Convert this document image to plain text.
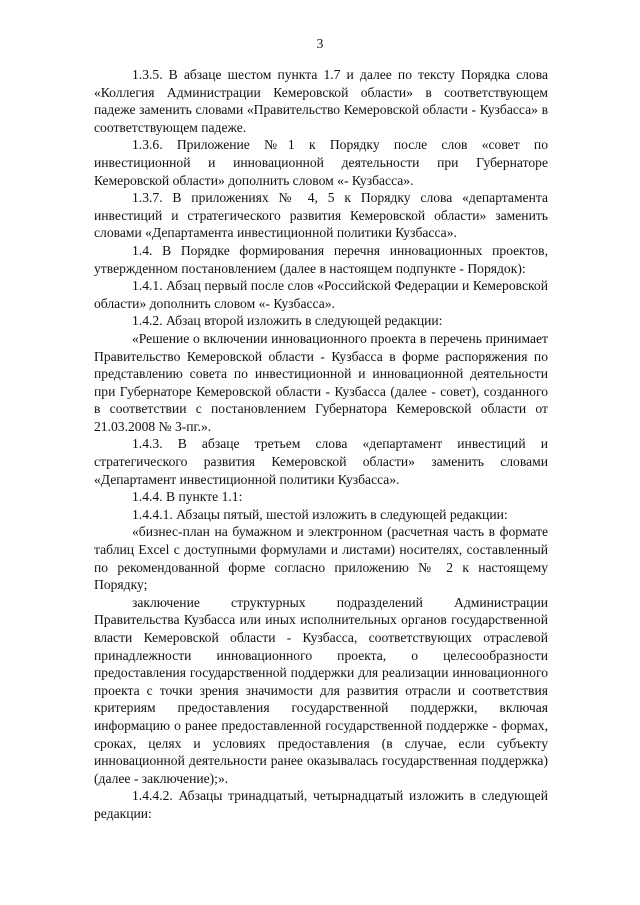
3

1.3.5. В абзаце шестом пункта 1.7 и далее по тексту Порядка слова «Коллегия Администрации Кемеровской области» в соответствующем падеже заменить словами «Правительство Кемеровской области - Кузбасса» в соответствующем падеже.

1.3.6. Приложение №1 к Порядку после слов «совет по инвестиционной и инновационной деятельности при Губернаторе Кемеровской области» дополнить словом «- Кузбасса».

1.3.7. В приложениях № 4, 5 к Порядку слова «департамента инвестиций и стратегического развития Кемеровской области» заменить словами «Департамента инвестиционной политики Кузбасса».

1.4. В Порядке формирования перечня инновационных проектов, утвержденном постановлением (далее в настоящем подпункте - Порядок):

1.4.1. Абзац первый после слов «Российской Федерации и Кемеровской области» дополнить словом «- Кузбасса».

1.4.2. Абзац второй изложить в следующей редакции:

«Решение о включении инновационного проекта в перечень принимает Правительство Кемеровской области - Кузбасса в форме распоряжения по представлению совета по инвестиционной и инновационной деятельности при Губернаторе Кемеровской области - Кузбасса (далее - совет), созданного в соответствии с постановлением Губернатора Кемеровской области от 21.03.2008 № 3-пг.».

1.4.3. В абзаце третьем слова «департамент инвестиций и стратегического развития Кемеровской области» заменить словами «Департамент инвестиционной политики Кузбасса».

1.4.4. В пункте 1.1:

1.4.4.1. Абзацы пятый, шестой изложить в следующей редакции:

«бизнес-план на бумажном и электронном (расчетная часть в формате таблиц Excel с доступными формулами и листами) носителях, составленный по рекомендованной форме согласно приложению № 2 к настоящему Порядку;

заключение структурных подразделений Администрации Правительства Кузбасса или иных исполнительных органов государственной власти Кемеровской области - Кузбасса, соответствующих отраслевой принадлежности инновационного проекта, о целесообразности предоставления государственной поддержки для реализации инновационного проекта с точки зрения значимости для развития отрасли и соответствия критериям предоставления государственной поддержки, включая информацию о ранее предоставленной государственной поддержке - формах, сроках, целях и условиях предоставления (в случае, если субъекту инновационной деятельности ранее оказывалась государственная поддержка) (далее - заключение);».

1.4.4.2. Абзацы тринадцатый, четырнадцатый изложить в следующей редакции:
